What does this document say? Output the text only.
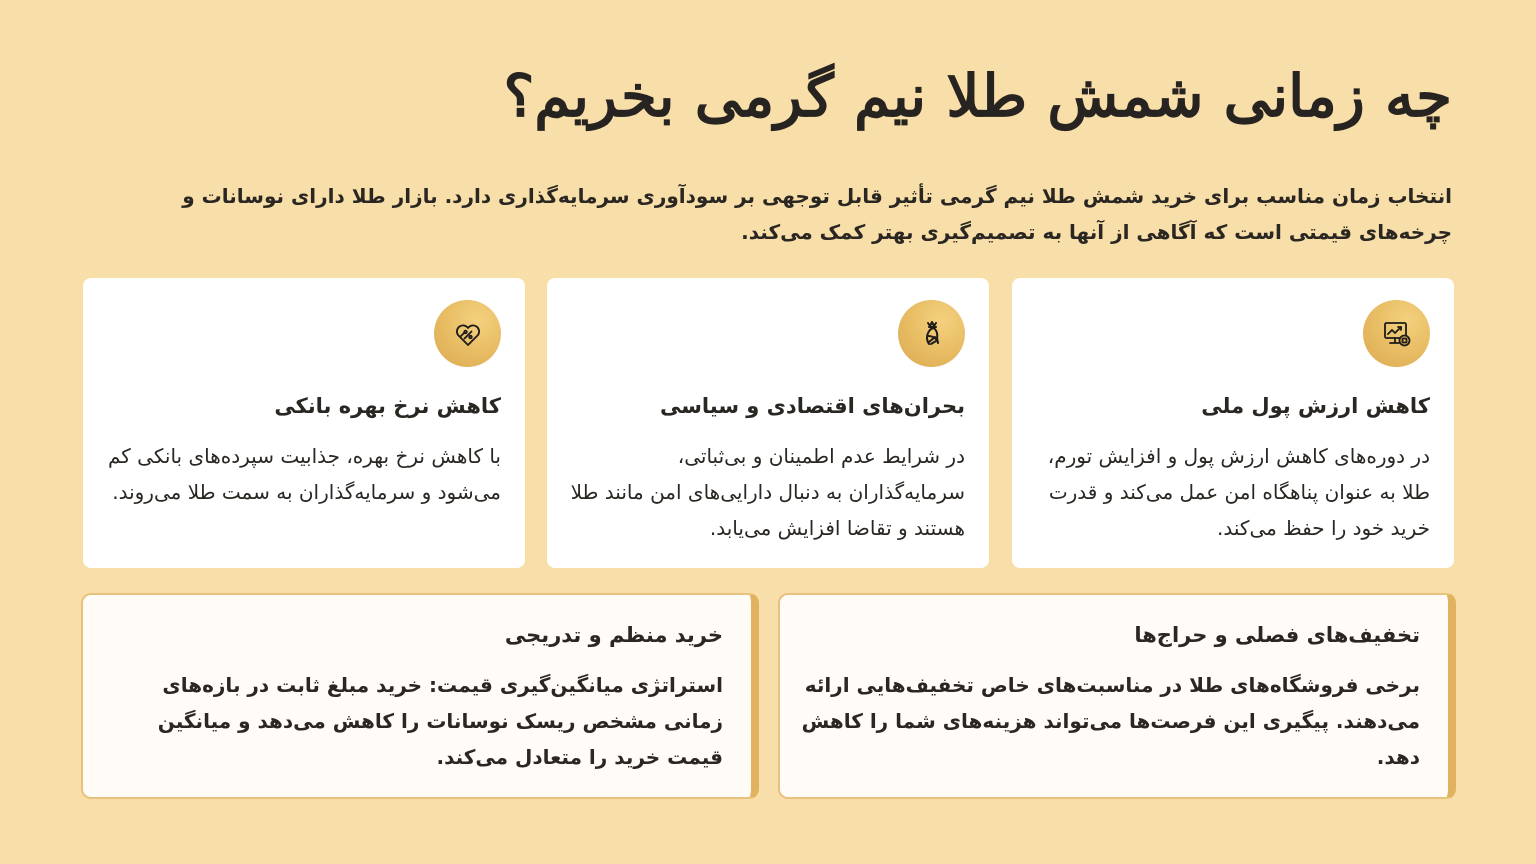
چه زمانی شمش طلا نیم گرمی بخریم؟

انتخاب زمان مناسب برای خرید شمش طلا نیم گرمی تأثیر قابل توجهی بر سودآوری سرمایه‌گذاری دارد. بازار طلا دارای نوسانات و چرخه‌های قیمتی است که آگاهی از آنها به تصمیم‌گیری بهتر کمک می‌کند.

کاهش ارزش پول ملی
در دوره‌های کاهش ارزش پول و افزایش تورم، طلا به عنوان پناهگاه امن عمل می‌کند و قدرت خرید خود را حفظ می‌کند.
بحران‌های اقتصادی و سیاسی
در شرایط عدم اطمینان و بی‌ثباتی، سرمایه‌گذاران به دنبال دارایی‌های امن مانند طلا هستند و تقاضا افزایش می‌یابد.
کاهش نرخ بهره بانکی
با کاهش نرخ بهره، جذابیت سپرده‌های بانکی کم می‌شود و سرمایه‌گذاران به سمت طلا می‌روند.
تخفیف‌های فصلی و حراج‌ها
برخی فروشگاه‌های طلا در مناسبت‌های خاص تخفیف‌هایی ارائه می‌دهند. پیگیری این فرصت‌ها می‌تواند هزینه‌های شما را کاهش دهد.
خرید منظم و تدریجی
استراتژی میانگین‌گیری قیمت: خرید مبلغ ثابت در بازه‌های زمانی مشخص ریسک نوسانات را کاهش می‌دهد و میانگین قیمت خرید را متعادل می‌کند.
